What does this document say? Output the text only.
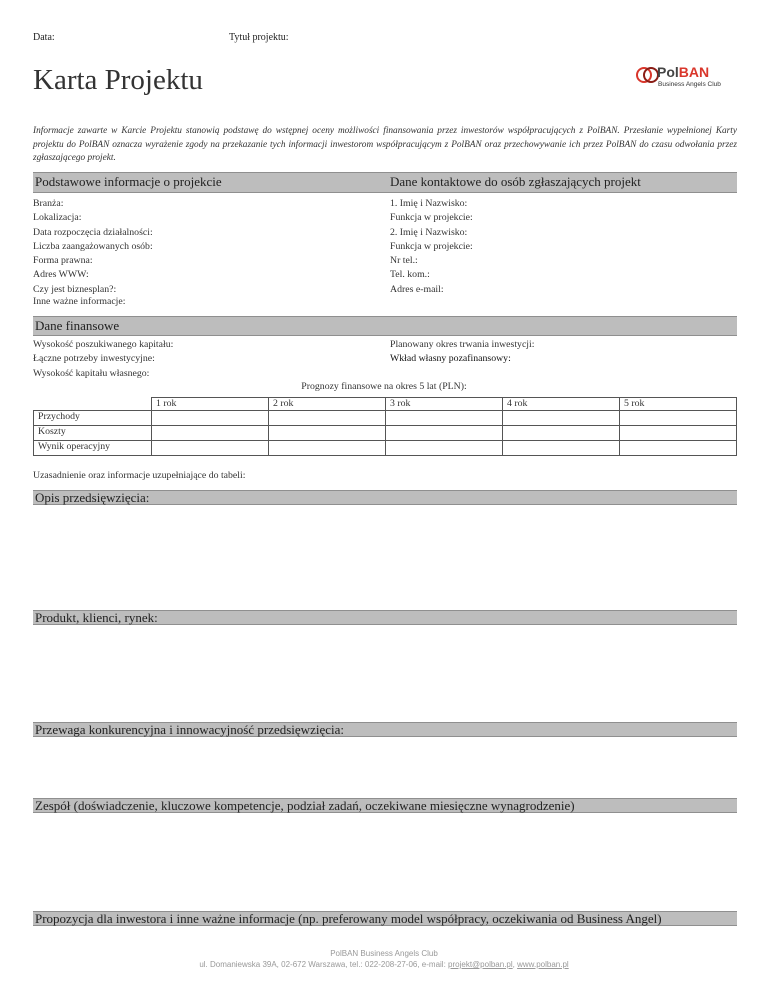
Data:	Tytuł projektu:
Karta Projektu	PolBAN
Business Angels Club
Informacje zawarte w Karcie Projektu stanowią podstawę do wstępnej oceny możliwości finansowania przez inwestorów współpracujących z PolBAN. Przesłanie wypełnionej Karty projektu do PolBAN oznacza wyrażenie zgody na przekazanie tych informacji inwestorom współpracującym z PolBAN oraz przechowywanie ich przez PolBAN do czasu odwołania przez zgłaszającego projekt.
Podstawowe informacje o projekcie	Dane kontaktowe do osób zgłaszających projekt
Branża:
Lokalizacja:
Data rozpoczęcia działalności:
Liczba zaangażowanych osób:
Forma prawna:
Adres WWW:
Czy jest biznesplan?:
1. Imię i Nazwisko:
Funkcja w projekcie:
2. Imię i Nazwisko:
Funkcja w projekcie:
Nr tel.:
Tel. kom.:
Adres e-mail:
Inne ważne informacje:
Dane finansowe
Wysokość poszukiwanego kapitału:
Łączne potrzeby inwestycyjne:
Wysokość kapitału własnego:
Planowany okres trwania inwestycji:
Wkład własny pozafinansowy:
Prognozy finansowe na okres 5 lat (PLN):
	1 rok	2 rok	3 rok	4 rok	5 rok
Przychody					
Koszty					
Wynik operacyjny					
Uzasadnienie oraz informacje uzupełniające do tabeli:
Opis przedsięwzięcia:
Produkt, klienci, rynek:
Przewaga konkurencyjna i innowacyjność przedsięwzięcia:
Zespół (doświadczenie, kluczowe kompetencje, podział zadań, oczekiwane miesięczne wynagrodzenie)
Propozycja dla inwestora i inne ważne informacje (np. preferowany model współpracy, oczekiwania od Business Angel)
PolBAN Business Angels Club
ul. Domaniewska 39A, 02-672 Warszawa, tel.: 022-208-27-06, e-mail: projekt@polban.pl, www.polban.pl
